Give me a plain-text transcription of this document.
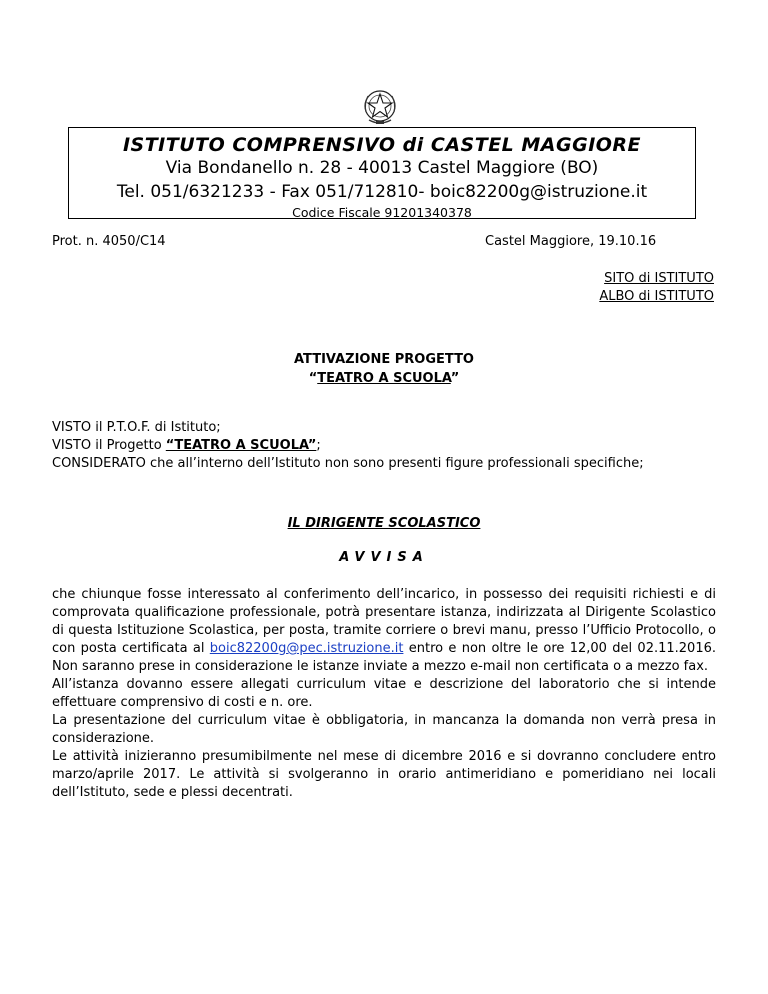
ISTITUTO COMPRENSIVO di CASTEL MAGGIORE
Via Bondanello n. 28 - 40013 Castel Maggiore (BO)
Tel. 051/6321233 - Fax 051/712810- boic82200g@istruzione.it
Codice Fiscale 91201340378
Prot. n. 4050/C14	Castel Maggiore, 19.10.16
SITO di ISTITUTO
ALBO di ISTITUTO
ATTIVAZIONE PROGETTO
“TEATRO A SCUOLA”
VISTO il P.T.O.F. di Istituto;
VISTO il Progetto “TEATRO A SCUOLA”;
CONSIDERATO che all’interno dell’Istituto non sono presenti figure professionali specifiche;
IL DIRIGENTE SCOLASTICO
AVVISA

che chiunque fosse interessato al conferimento dell’incarico, in possesso dei requisiti richiesti e di comprovata qualificazione professionale, potrà presentare istanza, indirizzata al Dirigente Scolastico di questa Istituzione Scolastica, per posta, tramite corriere o brevi manu, presso l’Ufficio Protocollo, o con posta certificata al boic82200g@pec.istruzione.it entro e non oltre le ore 12,00 del 02.11.2016. Non saranno prese in considerazione le istanze inviate a mezzo e-mail non certificata o a mezzo fax.

All’istanza dovanno essere allegati curriculum vitae e descrizione del laboratorio che si intende effettuare comprensivo di costi e n. ore.

La presentazione del curriculum vitae è obbligatoria, in mancanza la domanda non verrà presa in considerazione.

Le attività inizieranno presumibilmente nel mese di dicembre 2016 e si dovranno concludere entro marzo/aprile 2017. Le attività si svolgeranno in orario antimeridiano e pomeridiano nei locali dell’Istituto, sede e plessi decentrati.
